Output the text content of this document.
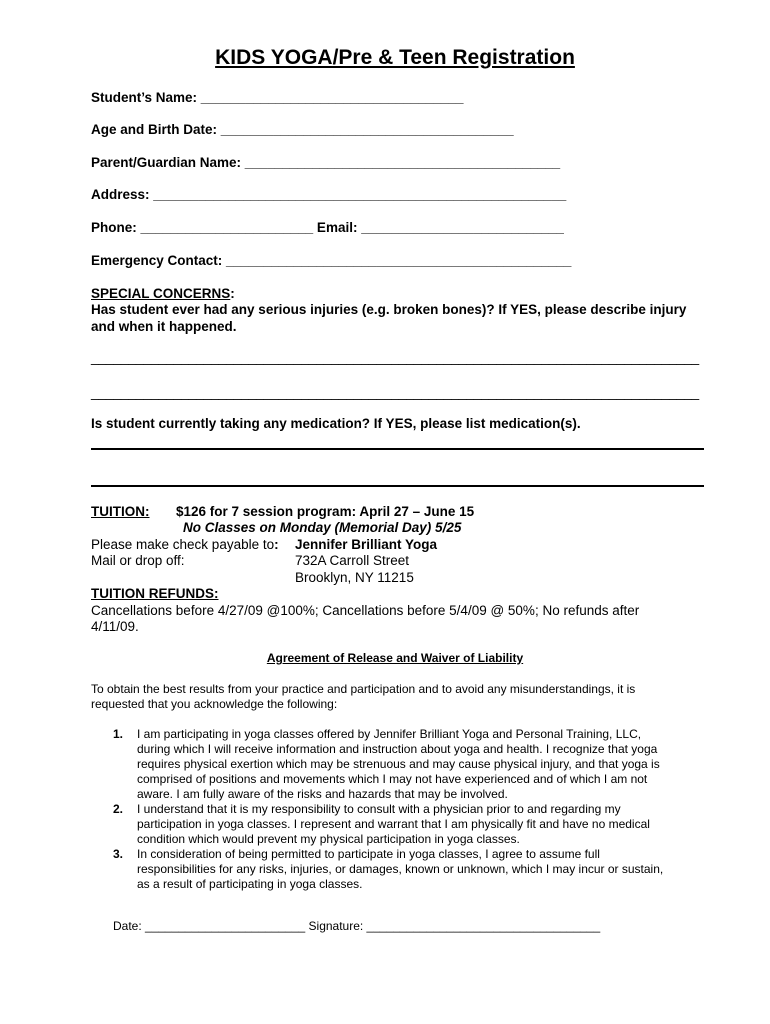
KIDS YOGA/Pre & Teen Registration
Student’s Name: ___________________________________
Age and Birth Date: _______________________________________
Parent/Guardian Name: __________________________________________
Address: _______________________________________________________
Phone: _______________________ Email: ___________________________
Emergency Contact: ______________________________________________
SPECIAL CONCERNS:
Has student ever had any serious injuries (e.g. broken bones)? If YES, please describe injury
and when it happened.
_________________________________________________________________________________
_________________________________________________________________________________
Is student currently taking any medication? If YES, please list medication(s).
TUITION: $126 for 7 session program: April 27 – June 15
No Classes on Monday (Memorial Day) 5/25
Please make check payable to: Jennifer Brilliant Yoga
Mail or drop off:	732A Carroll Street
Brooklyn, NY 11215
TUITION REFUNDS:
Cancellations before 4/27/09 @100%; Cancellations before 5/4/09 @ 50%; No refunds after
4/11/09.
Agreement of Release and Waiver of Liability
To obtain the best results from your practice and participation and to avoid any misunderstandings, it is
requested that you acknowledge the following:
1. I am participating in yoga classes offered by Jennifer Brilliant Yoga and Personal Training, LLC,
during which I will receive information and instruction about yoga and health. I recognize that yoga
requires physical exertion which may be strenuous and may cause physical injury, and that yoga is
comprised of positions and movements which I may not have experienced and of which I am not
aware. I am fully aware of the risks and hazards that may be involved.
2. I understand that it is my responsibility to consult with a physician prior to and regarding my
participation in yoga classes. I represent and warrant that I am physically fit and have no medical
condition which would prevent my physical participation in yoga classes.
3. In consideration of being permitted to participate in yoga classes, I agree to assume full
responsibilities for any risks, injuries, or damages, known or unknown, which I may incur or sustain,
as a result of participating in yoga classes.
Date: ________________________ Signature: ___________________________________
